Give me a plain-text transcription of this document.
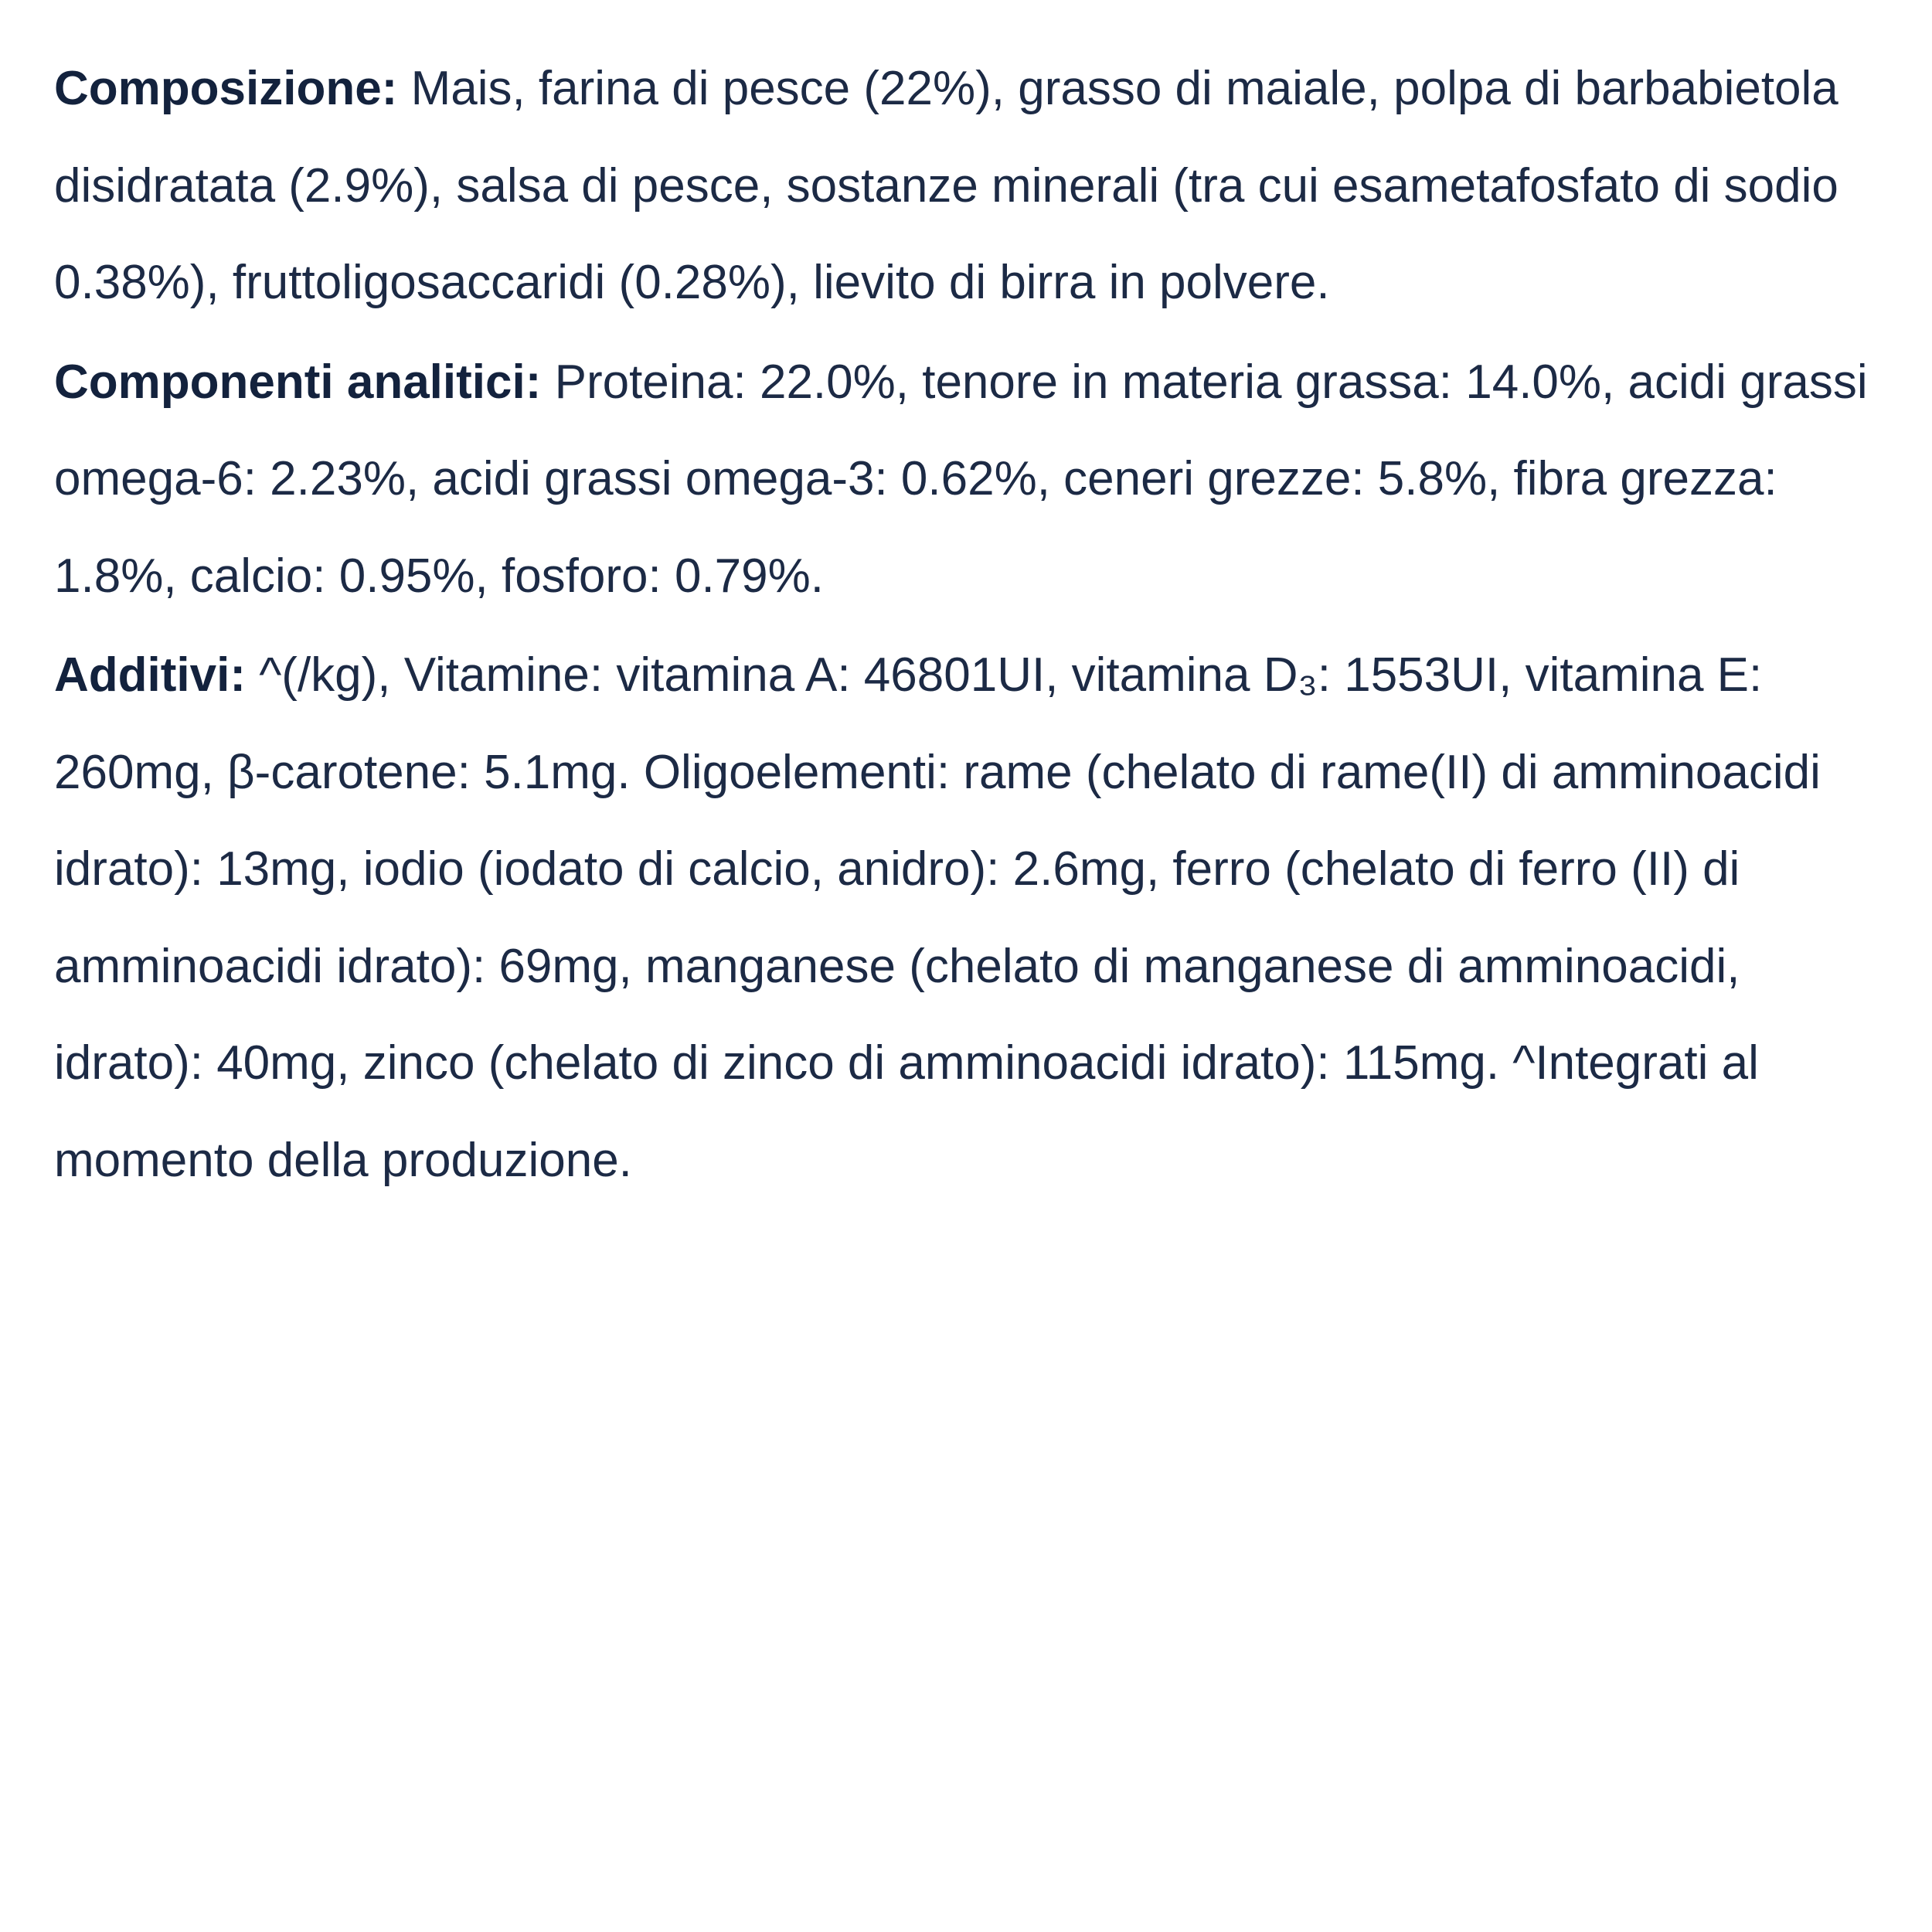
Composizione: Mais, farina di pesce (22%), grasso di maiale, polpa di barbabietola disidratata (2.9%), salsa di pesce, sostanze minerali (tra cui esametafosfato di sodio 0.38%), fruttoligosaccaridi (0.28%), lievito di birra in polvere.

Componenti analitici: Proteina: 22.0%, tenore in materia grassa: 14.0%, acidi grassi omega-6: 2.23%, acidi grassi omega-3: 0.62%, ceneri grezze: 5.8%, fibra grezza: 1.8%, calcio: 0.95%, fosforo: 0.79%.

Additivi: ^(/kg), Vitamine: vitamina A: 46801UI, vitamina D₃: 1553UI, vitamina E: 260mg, β-carotene: 5.1mg. Oligoelementi: rame (chelato di rame(II) di amminoacidi idrato): 13mg, iodio (iodato di calcio, anidro): 2.6mg, ferro (chelato di ferro (II) di amminoacidi idrato): 69mg, manganese (chelato di manganese di amminoacidi, idrato): 40mg, zinco (chelato di zinco di amminoacidi idrato): 115mg. ^Integrati al momento della produzione.
